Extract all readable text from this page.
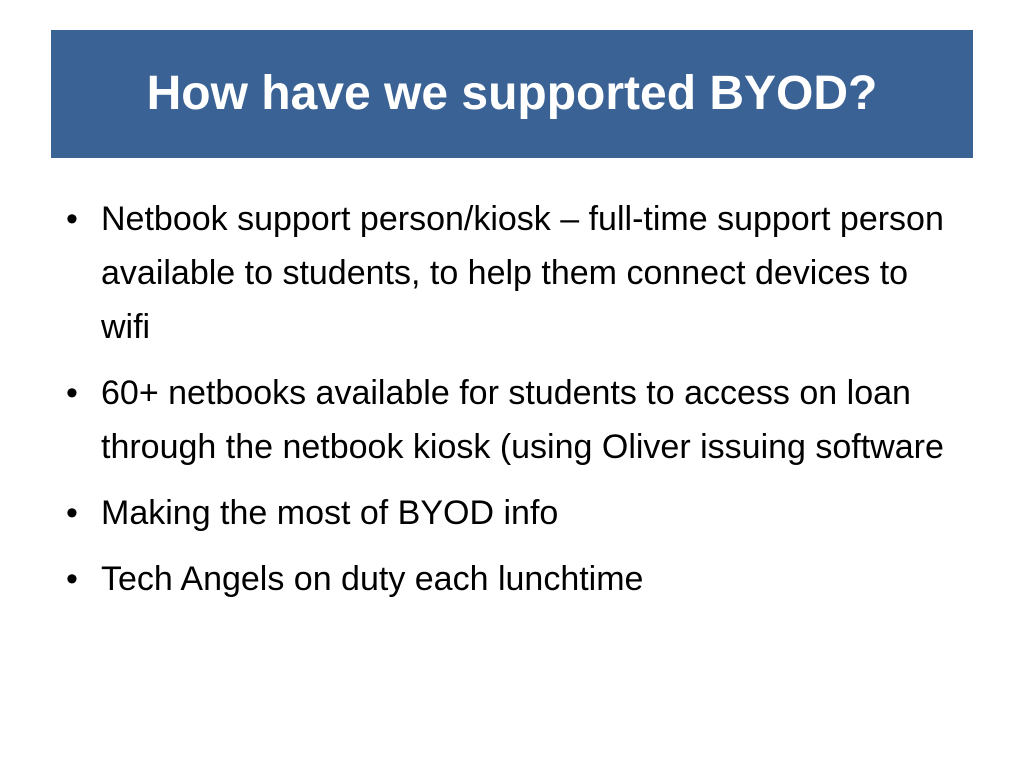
How have we supported BYOD?
• Netbook support person/kiosk – full-time support person available to students, to help them connect devices to wifi
• 60+ netbooks available for students to access on loan through the netbook kiosk (using Oliver issuing software
• Making the most of BYOD info
• Tech Angels on duty each lunchtime
